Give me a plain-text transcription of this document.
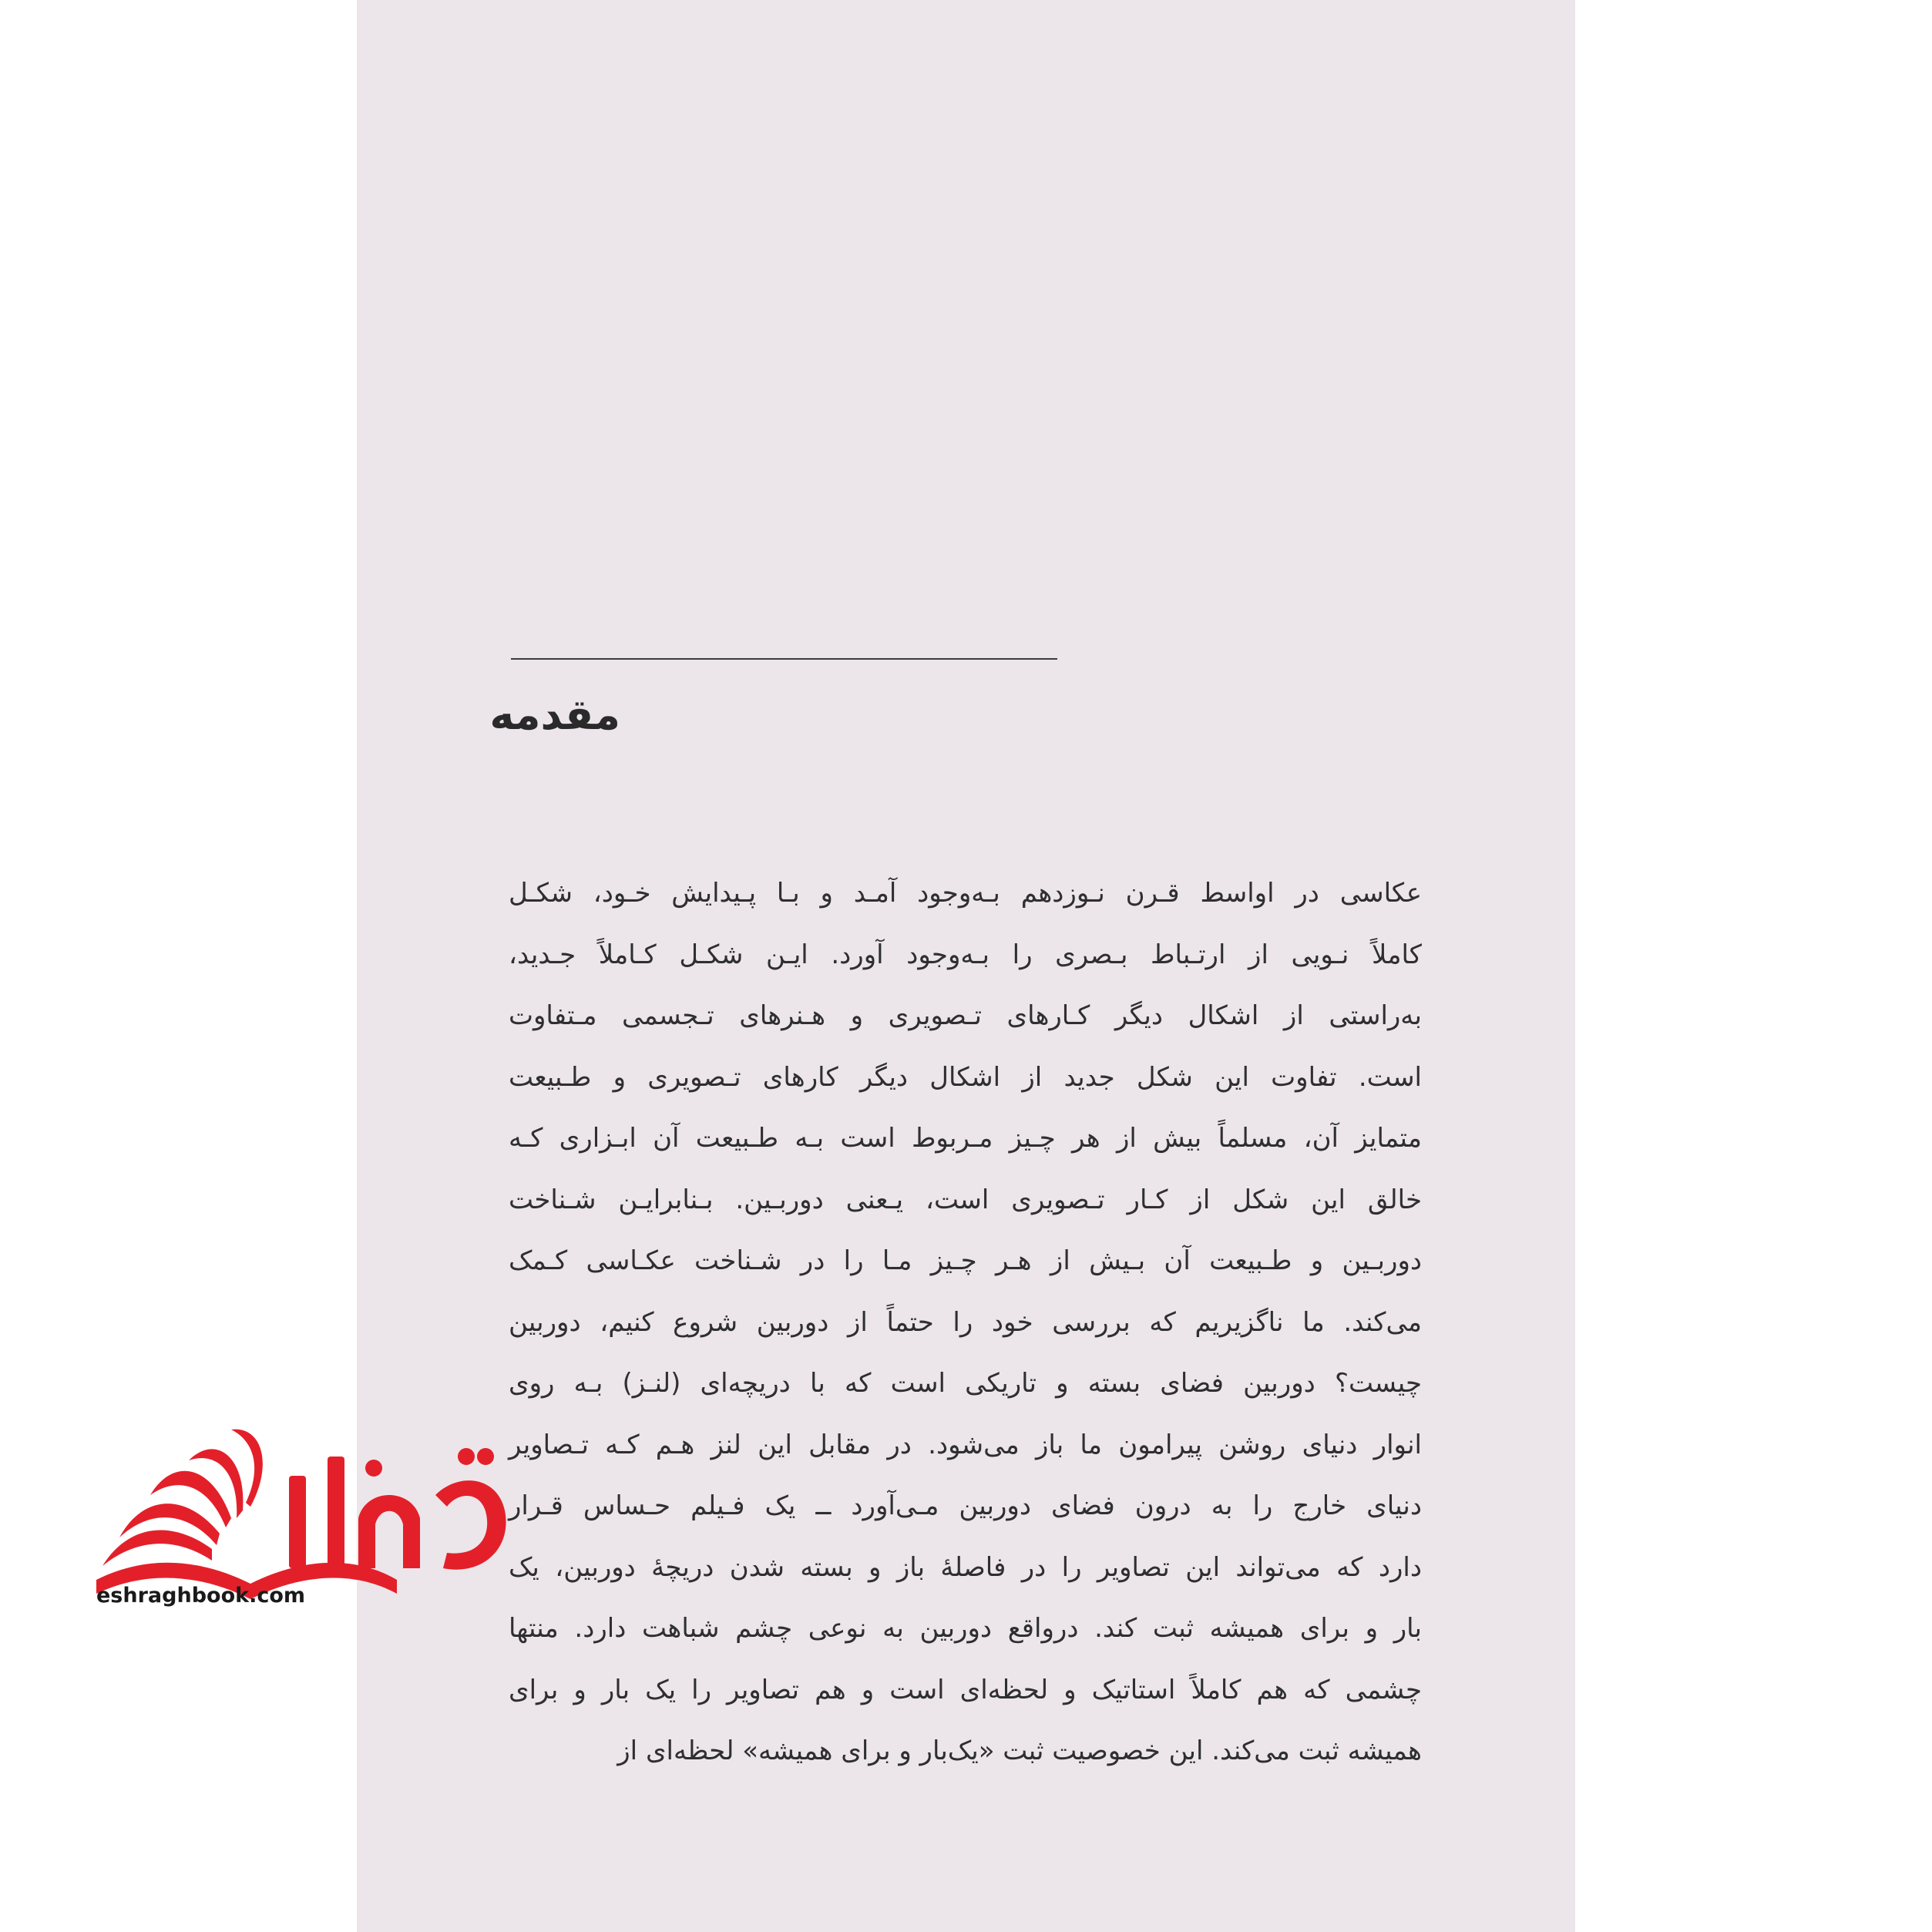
مقدمه
عکاسی در اواسط قـرن نـوزدهم بـه‌وجود آمـد و بـا پـیدایش خـود، شکـل
کاملاً نـویی از ارتـباط بـصری را بـه‌وجود آورد. ایـن شکـل کـاملاً جـدید،
به‌راستی از اشکال دیگر کـارهای تـصویری و هـنرهای تـجسمی مـتفاوت
است. تفاوت این شکل جدید از اشکال دیگر کارهای تـصویری و طـبیعت
متمایز آن، مسلماً بیش از هر چـیز مـربوط است بـه طـبیعت آن ابـزاری کـه
خالق این شکل از کـار تـصویری است، یـعنی دوربـین. بـنابرایـن شـناخت
دوربـین و طـبیعت آن بـیش از هـر چـیز مـا را در شـناخت عکـاسی کـمک
می‌کند. ما ناگزیریم که بررسی خود را حتماً از دوربین شروع کنیم، دوربین
چیست؟ دوربین فضای بسته و تاریکی است که با دریچه‌ای (لنـز) بـه روی
انوار دنیای روشن پیرامون ما باز می‌شود. در مقابل این لنز هـم کـه تـصاویر
دنیای خارج را به درون فضای دوربین مـی‌آورد ــ یک فـیلم حـساس قـرار
دارد که می‌تواند این تصاویر را در فاصلهٔ باز و بسته شدن دریچهٔ دوربین، یک
بار و برای همیشه ثبت کند. درواقع دوربین به نوعی چشم شباهت دارد. منتها
چشمی که هم کاملاً استاتیک و لحظه‌ای است و هم تصاویر را یک بار و برای
همیشه ثبت می‌کند. این خصوصیت ثبت «یک‌بار و برای همیشه» لحظه‌ای از
eshraghbook.com
